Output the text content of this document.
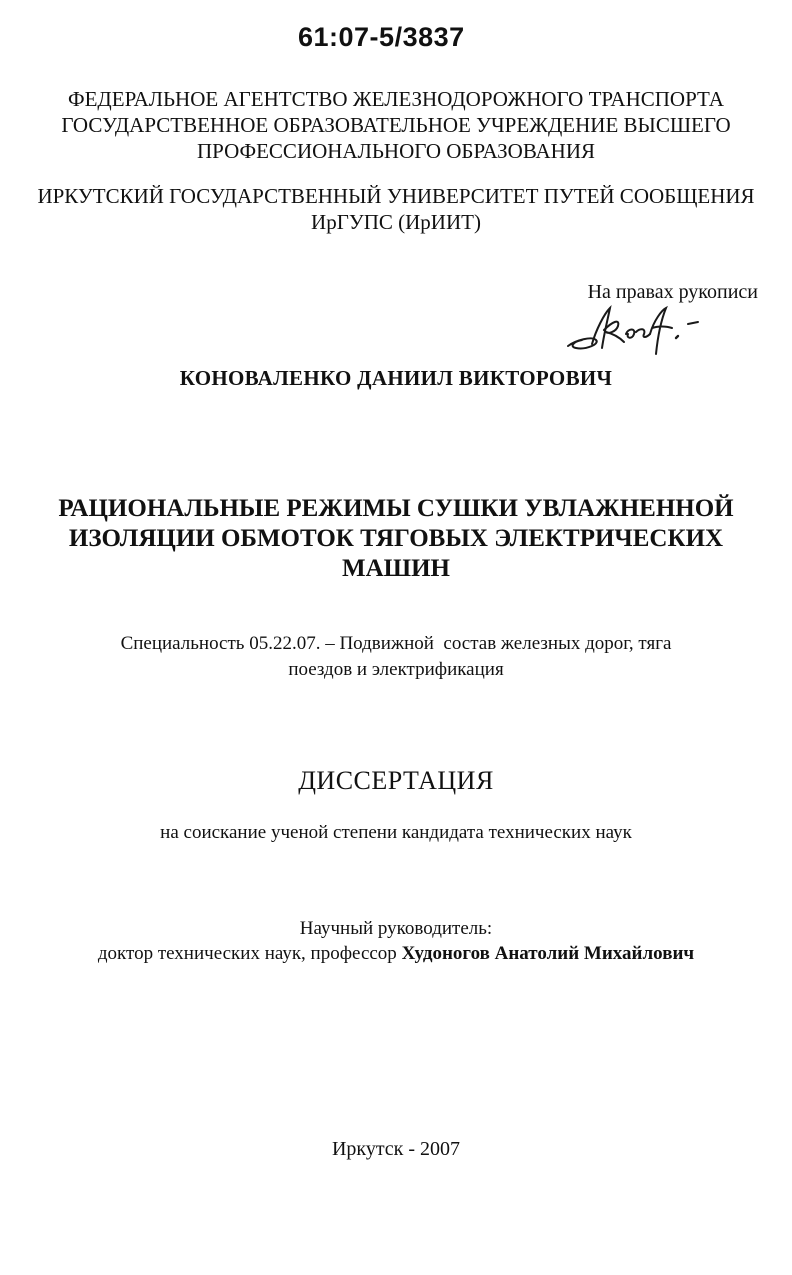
61:07-5/3837
ФЕДЕРАЛЬНОЕ АГЕНТСТВО ЖЕЛЕЗНОДОРОЖНОГО ТРАНСПОРТА
ГОСУДАРСТВЕННОЕ ОБРАЗОВАТЕЛЬНОЕ УЧРЕЖДЕНИЕ ВЫСШЕГО
ПРОФЕССИОНАЛЬНОГО ОБРАЗОВАНИЯ
ИРКУТСКИЙ ГОСУДАРСТВЕННЫЙ УНИВЕРСИТЕТ ПУТЕЙ СООБЩЕНИЯ
ИрГУПС (ИрИИТ)
На правах рукописи
КОНОВАЛЕНКО ДАНИИЛ ВИКТОРОВИЧ
РАЦИОНАЛЬНЫЕ РЕЖИМЫ СУШКИ УВЛАЖНЕННОЙ
ИЗОЛЯЦИИ ОБМОТОК ТЯГОВЫХ ЭЛЕКТРИЧЕСКИХ
МАШИН
Специальность 05.22.07. – Подвижной  состав железных дорог, тяга
поездов и электрификация
ДИССЕРТАЦИЯ
на соискание ученой степени кандидата технических наук
Научный руководитель:
доктор технических наук, профессор Худоногов Анатолий Михайлович
Иркутск - 2007
